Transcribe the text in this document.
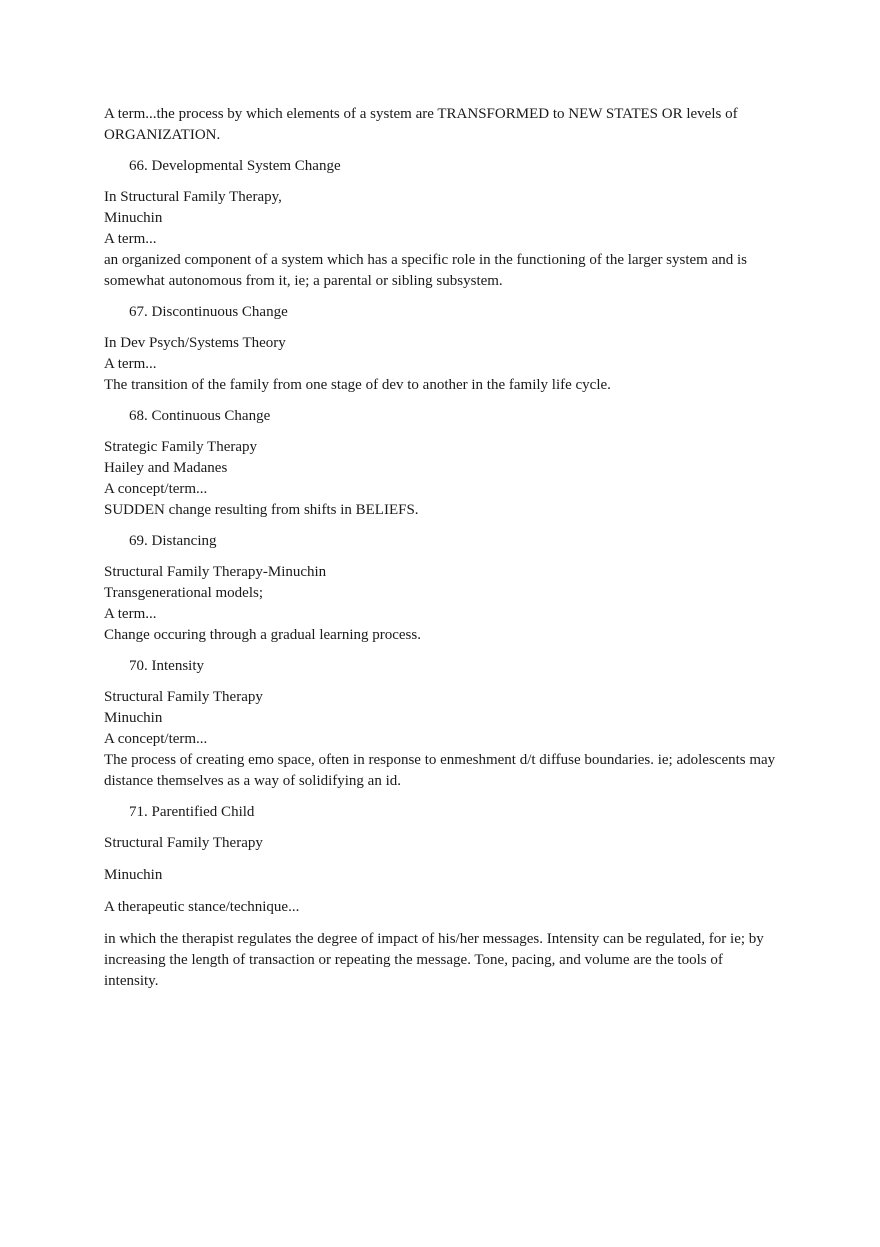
A term...the process by which elements of a system are TRANSFORMED to NEW STATES OR levels of ORGANIZATION.

66. Developmental System Change

In Structural Family Therapy,
Minuchin
A term...
an organized component of a system which has a specific role in the functioning of the larger system and is somewhat autonomous from it, ie; a parental or sibling subsystem.

67. Discontinuous Change

In Dev Psych/Systems Theory
A term...
The transition of the family from one stage of dev to another in the family life cycle.

68. Continuous Change

Strategic Family Therapy
Hailey and Madanes
A concept/term...
SUDDEN change resulting from shifts in BELIEFS.

69. Distancing

Structural Family Therapy-Minuchin
Transgenerational models;
A term...
Change occuring through a gradual learning process.

70. Intensity

Structural Family Therapy
Minuchin
A concept/term...
The process of creating emo space, often in response to enmeshment d/t diffuse boundaries. ie; adolescents may distance themselves as a way of solidifying an id.

71. Parentified Child

Structural Family Therapy

Minuchin

A therapeutic stance/technique...

in which the therapist regulates the degree of impact of his/her messages. Intensity can be regulated, for ie; by increasing the length of transaction or repeating the message. Tone, pacing, and volume are the tools of intensity.
